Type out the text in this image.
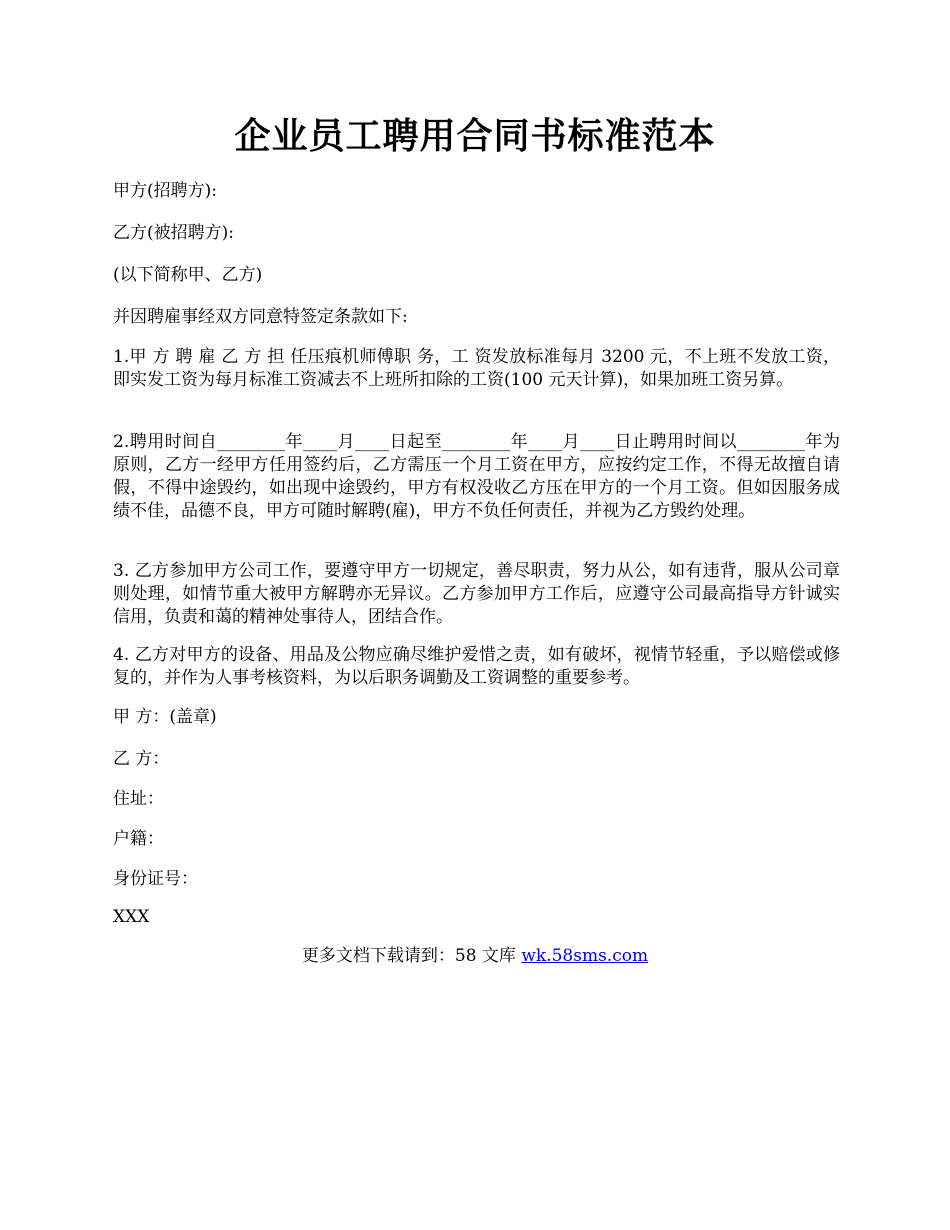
企业员工聘用合同书标准范本
甲方(招聘方):
乙方(被招聘方):
(以下简称甲、乙方)
并因聘雇事经双方同意特签定条款如下:
1.甲 方 聘 雇 乙 方 担 任压痕机师傅职 务，工 资发放标准每月 3200 元，不上班不发放工资，即实发工资为每月标准工资减去不上班所扣除的工资(100 元天计算)，如果加班工资另算。
2.聘用时间自________年____月____日起至________年____月____日止聘用时间以________年为原则，乙方一经甲方任用签约后，乙方需压一个月工资在甲方，应按约定工作，不得无故擅自请假，不得中途毁约，如出现中途毁约，甲方有权没收乙方压在甲方的一个月工资。但如因服务成绩不佳，品德不良，甲方可随时解聘(雇)，甲方不负任何责任，并视为乙方毁约处理。
3. 乙方参加甲方公司工作，要遵守甲方一切规定，善尽职责，努力从公，如有违背，服从公司章则处理，如情节重大被甲方解聘亦无异议。乙方参加甲方工作后，应遵守公司最高指导方针诚实信用，负责和蔼的精神处事待人，团结合作。
4. 乙方对甲方的设备、用品及公物应确尽维护爱惜之责，如有破坏，视情节轻重，予以赔偿或修复的，并作为人事考核资料，为以后职务调勤及工资调整的重要参考。
甲 方：(盖章)
乙 方：
住址：
户籍：
身份证号：
XXX
更多文档下载请到：58 文库 wk.58sms.com
